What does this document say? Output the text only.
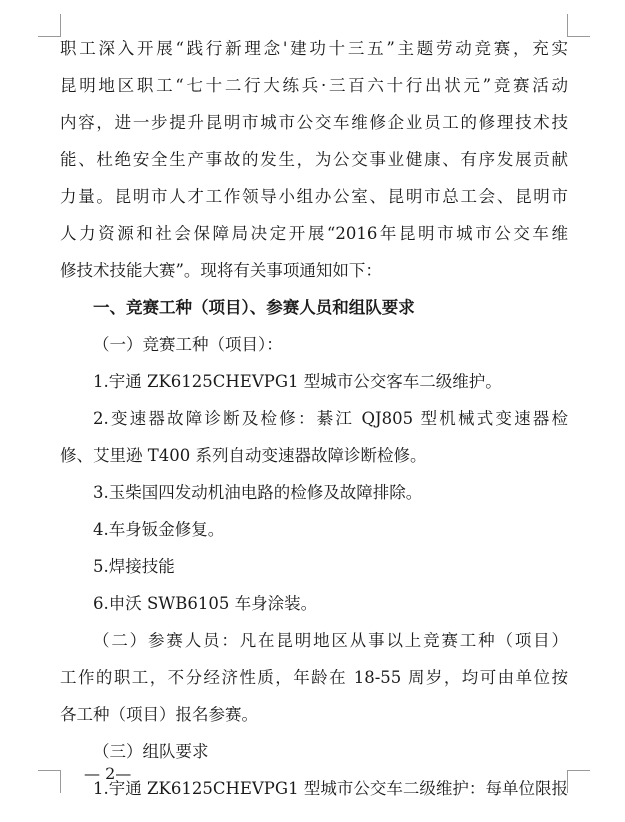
职工深入开展“践行新理念'建功十三五”主题劳动竞赛，充实
昆明地区职工“七十二行大练兵·三百六十行出状元”竞赛活动
内容，进一步提升昆明市城市公交车维修企业员工的修理技术技
能、杜绝安全生产事故的发生，为公交事业健康、有序发展贡献
力量。昆明市人才工作领导小组办公室、昆明市总工会、昆明市
人力资源和社会保障局决定开展“2016年昆明市城市公交车维
修技术技能大赛”。现将有关事项通知如下：
一、竞赛工种（项目）、参赛人员和组队要求
（一）竞赛工种（项目）：
1.宇通 ZK6125CHEVPG1 型城市公交客车二级维护。
2.变速器故障诊断及检修：綦江 QJ805 型机械式变速器检
修、艾里逊 T400 系列自动变速器故障诊断检修。
3.玉柴国四发动机油电路的检修及故障排除。
4.车身钣金修复。
5.焊接技能
6.申沃 SWB6105 车身涂装。
（二）参赛人员：凡在昆明地区从事以上竞赛工种（项目）
工作的职工，不分经济性质，年龄在 18-55 周岁，均可由单位按
各工种（项目）报名参赛。
（三）组队要求
1.宇通 ZK6125CHEVPG1 型城市公交车二级维护：每单位限报
— 2—
